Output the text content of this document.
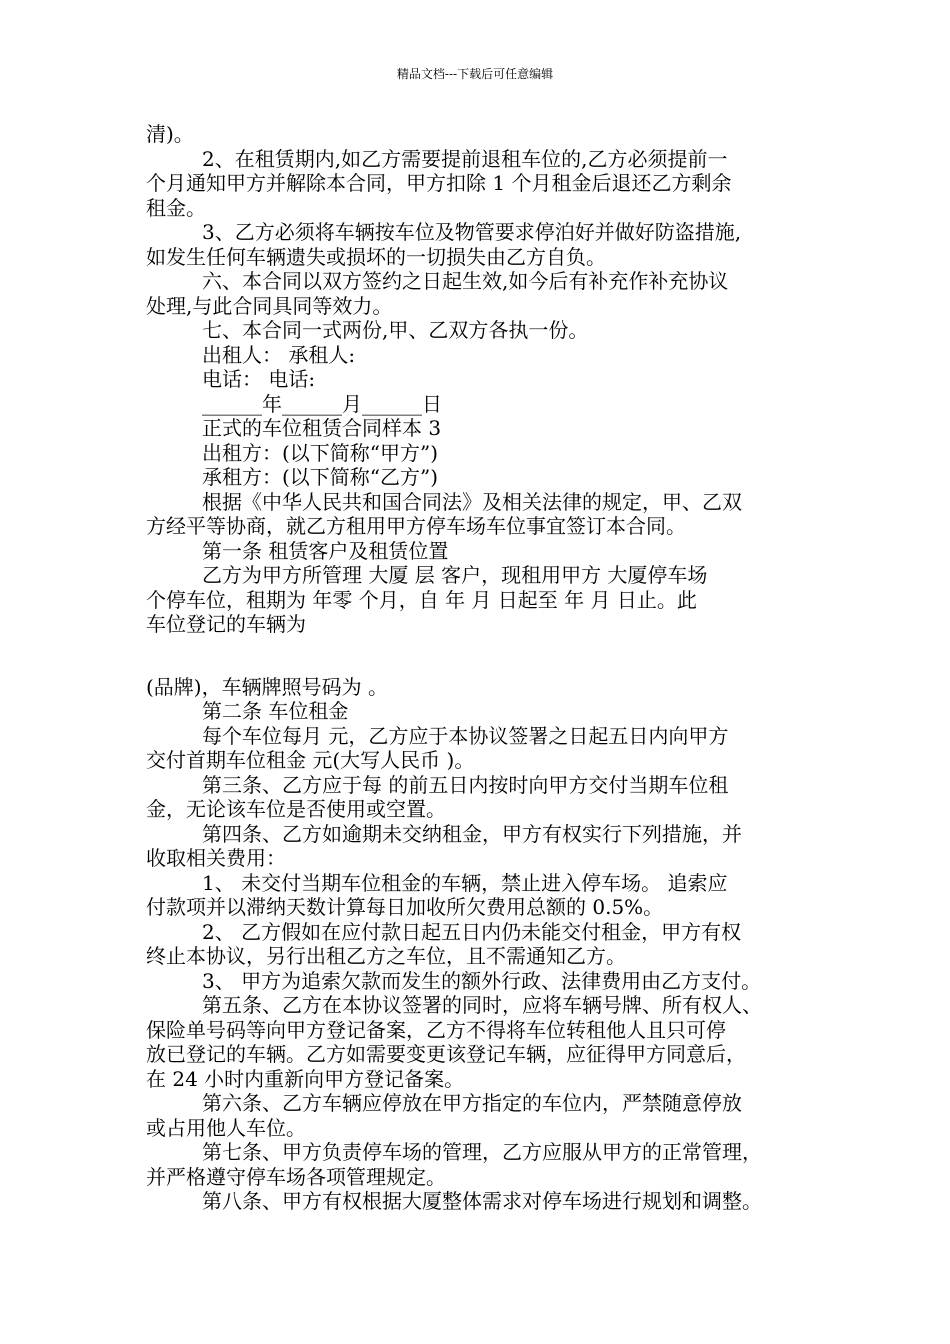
精品文档---下载后可任意编辑
清)。
2、在租赁期内,如乙方需要提前退租车位的,乙方必须提前一
个月通知甲方并解除本合同，甲方扣除 1 个月租金后退还乙方剩余
租金。
3、乙方必须将车辆按车位及物管要求停泊好并做好防盗措施,
如发生任何车辆遗失或损坏的一切损失由乙方自负。
六、本合同以双方签约之日起生效,如今后有补充作补充协议
处理,与此合同具同等效力。
七、本合同一式两份,甲、乙双方各执一份。
出租人： 承租人:
电话： 电话:
______年______月______日
正式的车位租赁合同样本 3
出租方：(以下简称“甲方”)
承租方：(以下简称“乙方”)
根据《中华人民共和国合同法》及相关法律的规定，甲、乙双
方经平等协商，就乙方租用甲方停车场车位事宜签订本合同。
第一条 租赁客户及租赁位置
乙方为甲方所管理 大厦 层 客户，现租用甲方 大厦停车场
个停车位，租期为 年零 个月，自 年 月 日起至 年 月 日止。此
车位登记的车辆为
(品牌)，车辆牌照号码为 。
第二条 车位租金
每个车位每月 元，乙方应于本协议签署之日起五日内向甲方
交付首期车位租金 元(大写人民币 )。
第三条、乙方应于每 的前五日内按时向甲方交付当期车位租
金，无论该车位是否使用或空置。
第四条、乙方如逾期未交纳租金，甲方有权实行下列措施，并
收取相关费用：
1、 未交付当期车位租金的车辆，禁止进入停车场。 追索应
付款项并以滞纳天数计算每日加收所欠费用总额的 0.5%。
2、 乙方假如在应付款日起五日内仍未能交付租金，甲方有权
终止本协议，另行出租乙方之车位，且不需通知乙方。
3、 甲方为追索欠款而发生的额外行政、法律费用由乙方支付。
第五条、乙方在本协议签署的同时，应将车辆号牌、所有权人、
保险单号码等向甲方登记备案，乙方不得将车位转租他人且只可停
放已登记的车辆。乙方如需要变更该登记车辆，应征得甲方同意后，
在 24 小时内重新向甲方登记备案。
第六条、乙方车辆应停放在甲方指定的车位内，严禁随意停放
或占用他人车位。
第七条、甲方负责停车场的管理，乙方应服从甲方的正常管理，
并严格遵守停车场各项管理规定。
第八条、甲方有权根据大厦整体需求对停车场进行规划和调整。
